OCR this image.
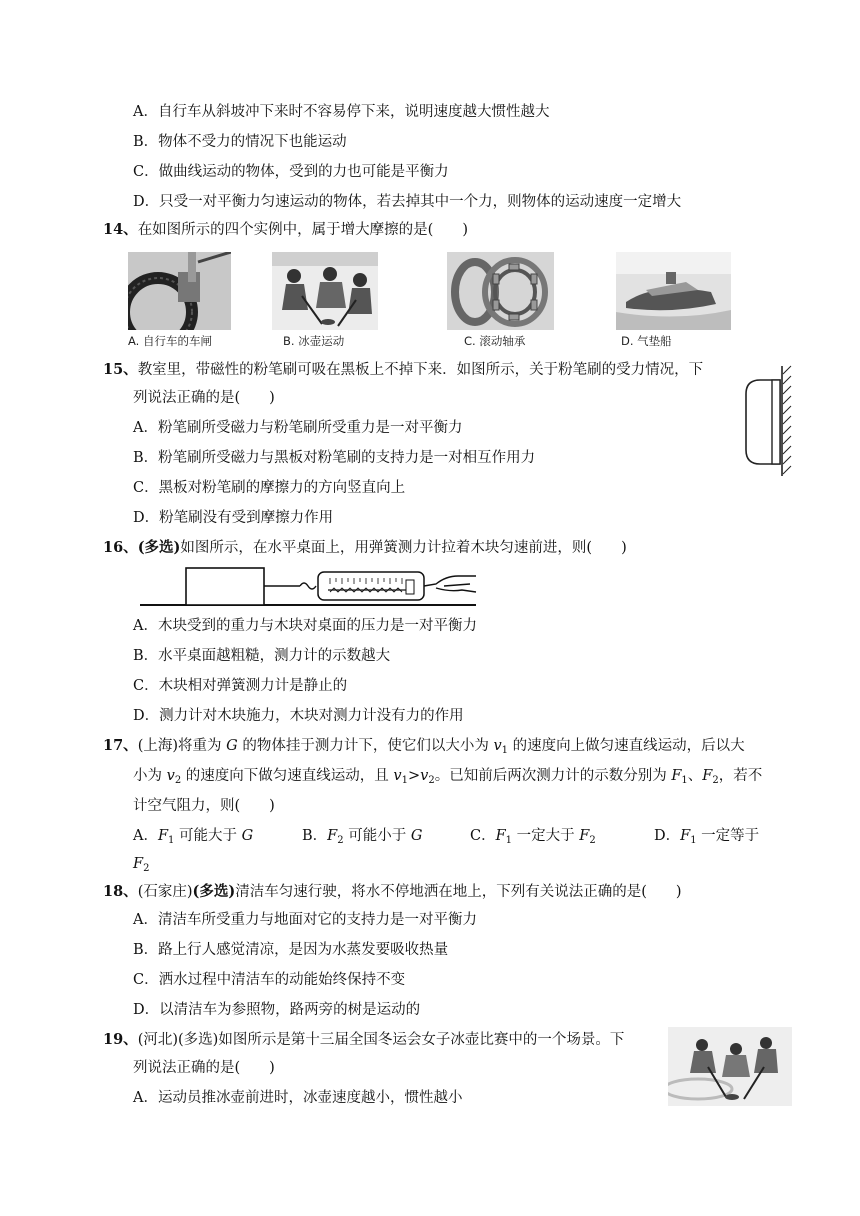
A．自行车从斜坡冲下来时不容易停下来，说明速度越大惯性越大
B．物体不受力的情况下也能运动
C．做曲线运动的物体，受到的力也可能是平衡力
D．只受一对平衡力匀速运动的物体，若去掉其中一个力，则物体的运动速度一定增大
14、在如图所示的四个实例中，属于增大摩擦的是(　　)
A. 自行车的车闸	B. 冰壶运动	C. 滚动轴承	D. 气垫船
15、教室里，带磁性的粉笔刷可吸在黑板上不掉下来．如图所示，关于粉笔刷的受力情况，下
列说法正确的是(　　)
A．粉笔刷所受磁力与粉笔刷所受重力是一对平衡力
B．粉笔刷所受磁力与黑板对粉笔刷的支持力是一对相互作用力
C．黑板对粉笔刷的摩擦力的方向竖直向上
D．粉笔刷没有受到摩擦力作用
16、(多选)如图所示，在水平桌面上，用弹簧测力计拉着木块匀速前进，则(　　)
A．木块受到的重力与木块对桌面的压力是一对平衡力
B．水平桌面越粗糙，测力计的示数越大
C．木块相对弹簧测力计是静止的
D．测力计对木块施力，木块对测力计没有力的作用
17、(上海)将重为 G 的物体挂于测力计下，使它们以大小为 $v_1$ 的速度向上做匀速直线运动，后以大
小为 $v_2$ 的速度向下做匀速直线运动，且 $v_1>v_2$。已知前后两次测力计的示数分别为 $F_1$、$F_2$，若不
计空气阻力，则(　　)
A．$F_1$ 可能大于 G	B．$F_2$ 可能小于 G	C．$F_1$ 一定大于 $F_2$	D．$F_1$ 一定等于
$F_2$
18、(石家庄)(多选)清洁车匀速行驶，将水不停地洒在地上，下列有关说法正确的是(　　)
A．清洁车所受重力与地面对它的支持力是一对平衡力
B．路上行人感觉清凉，是因为水蒸发要吸收热量
C．洒水过程中清洁车的动能始终保持不变
D．以清洁车为参照物，路两旁的树是运动的
19、(河北)(多选)如图所示是第十三届全国冬运会女子冰壶比赛中的一个场景。下
列说法正确的是(　　)
A．运动员推冰壶前进时，冰壶速度越小，惯性越小
